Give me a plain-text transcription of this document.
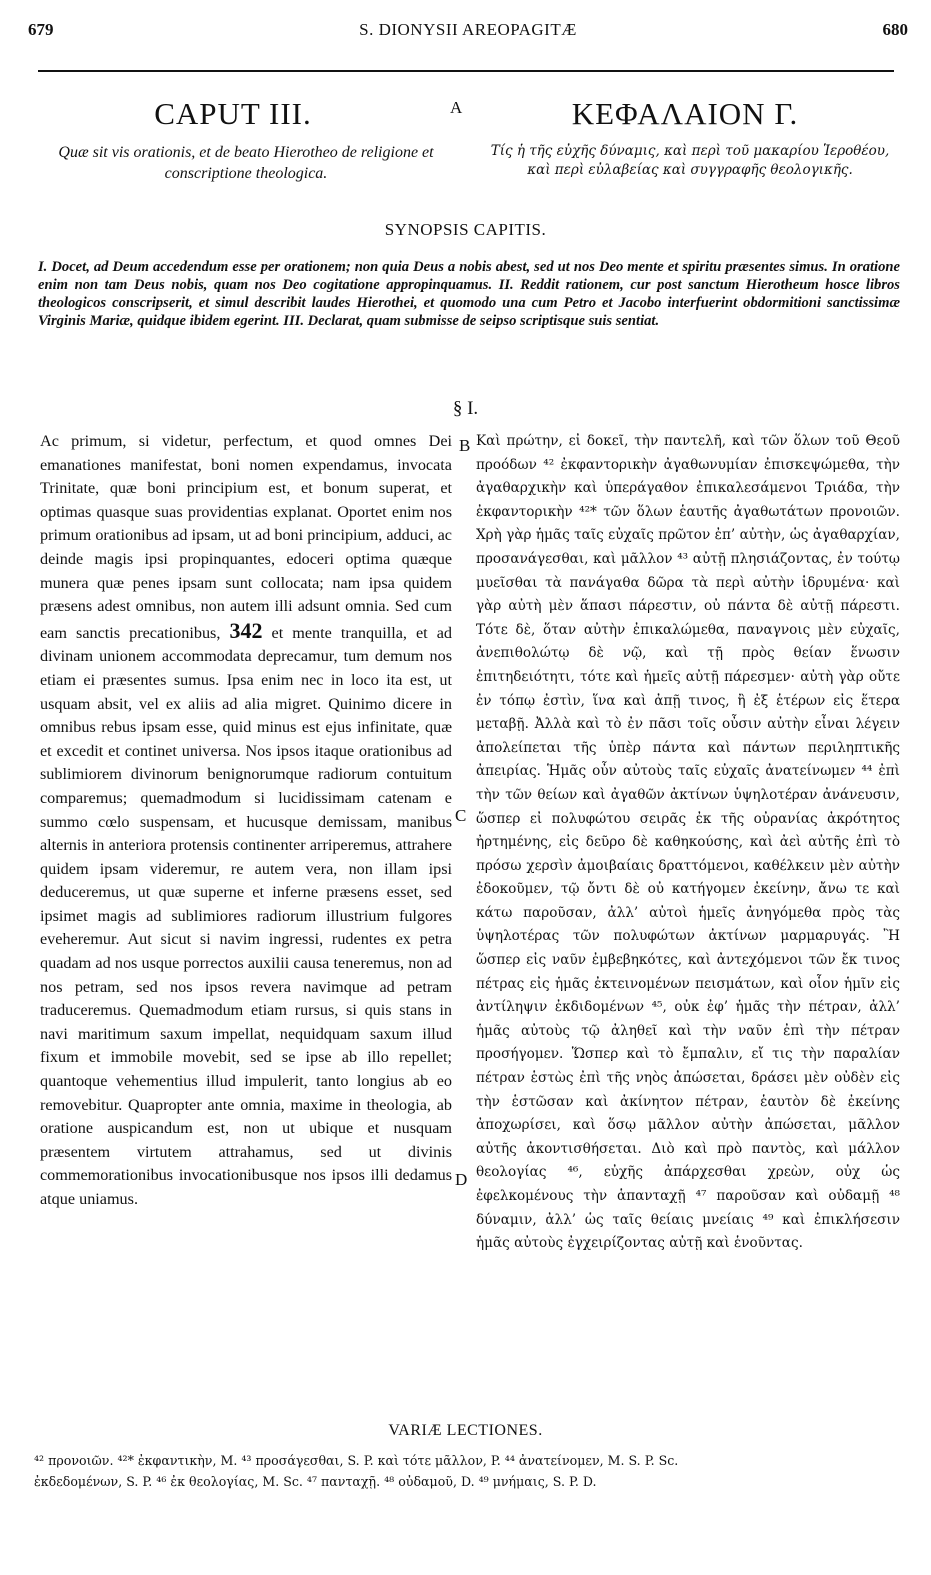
679	S. DIONYSII AREOPAGITÆ	680
CAPUT III.	A	ΚΕΦΑΛΑΙΟΝ Γ.
Quæ sit vis orationis, et de beato Hierotheo de religione et conscriptione theologica.
Τίς ἡ τῆς εὐχῆς δύναμις, καὶ περὶ τοῦ μακαρίου Ἱεροθέου, καὶ περὶ εὐλαβείας καὶ συγγραφῆς θεολογικῆς.
SYNOPSIS CAPITIS.
I. Docet, ad Deum accedendum esse per orationem; non quia Deus a nobis abest, sed ut nos Deo mente et spiritu præsentes simus. In oratione enim non tam Deus nobis, quam nos Deo cogitatione appropinquamus. II. Reddit rationem, cur post sanctum Hierotheum hosce libros theologicos conscripserit, et simul describit laudes Hierothei, et quomodo una cum Petro et Jacobo interfuerint obdormitioni sanctissimæ Virginis Mariæ, quidque ibidem egerint. III. Declarat, quam submisse de seipso scriptisque suis sentiat.
§ I.
Ac primum, si videtur, perfectum, et quod omnes Dei emanationes manifestat, boni nomen expendamus, invocata Trinitate, quæ boni principium est, et bonum superat, et optimas quasque suas providentias explanat. Oportet enim nos primum orationibus ad ipsam, ut ad boni principium, adduci, ac deinde magis ipsi propinquantes, edoceri optima quæque munera quæ penes ipsam sunt collocata; nam ipsa quidem præsens adest omnibus, non autem illi adsunt omnia. Sed cum eam sanctis precationibus, 342 et mente tranquilla, et ad divinam unionem accommodata deprecamur, tum demum nos etiam ei præsentes sumus. Ipsa enim nec in loco ita est, ut usquam absit, vel ex aliis ad alia migret. Quinimo dicere in omnibus rebus ipsam esse, quid minus est ejus infinitate, quæ et excedit et continet universa. Nos ipsos itaque orationibus ad sublimiorem divinorum benignorumque radiorum contuitum comparemus; quemadmodum si lucidissimam catenam e summo cœlo suspensam, et hucusque demissam, manibus alternis in anteriora protensis continenter arriperemus, attrahere quidem ipsam videremur, re autem vera, non illam ipsi deduceremus, ut quæ superne et inferne præsens esset, sed ipsimet magis ad sublimiores radiorum illustrium fulgores eveheremur. Aut sicut si navim ingressi, rudentes ex petra quadam ad nos usque porrectos auxilii causa teneremus, non ad nos petram, sed nos ipsos revera navimque ad petram traduceremus. Quemadmodum etiam rursus, si quis stans in navi maritimum saxum impellat, nequidquam saxum illud fixum et immobile movebit, sed se ipse ab illo repellet; quantoque vehementius illud impulerit, tanto longius ab eo removebitur. Quapropter ante omnia, maxime in theologia, ab oratione auspicandum est, non ut ubique et nusquam præsentem virtutem attrahamus, sed ut divinis commemorationibus invocationibusque nos ipsos illi dedamus atque uniamus.
B
C
D
Καὶ πρώτην, εἰ δοκεῖ, τὴν παντελῆ, καὶ τῶν ὅλων τοῦ Θεοῦ προόδων ⁴² ἐκφαντορικὴν ἀγαθωνυμίαν ἐπισκεψώμεθα, τὴν ἀγαθαρχικὴν καὶ ὑπεράγαθον ἐπικαλεσάμενοι Τριάδα, τὴν ἐκφαντορικὴν ⁴²* τῶν ὅλων ἑαυτῆς ἀγαθωτάτων προνοιῶν. Χρὴ γὰρ ἡμᾶς ταῖς εὐχαῖς πρῶτον ἐπ’ αὐτὴν, ὡς ἀγαθαρχίαν, προσανάγεσθαι, καὶ μᾶλλον ⁴³ αὐτῇ πλησιάζοντας, ἐν τούτῳ μυεῖσθαι τὰ πανάγαθα δῶρα τὰ περὶ αὐτὴν ἱδρυμένα· καὶ γὰρ αὐτὴ μὲν ἅπασι πάρεστιν, οὐ πάντα δὲ αὐτῇ πάρεστι. Τότε δὲ, ὅταν αὐτὴν ἐπικαλώμεθα, παναγνοις μὲν εὐχαῖς, ἀνεπιθολώτῳ δὲ νῷ, καὶ τῇ πρὸς θείαν ἕνωσιν ἐπιτηδειότητι, τότε καὶ ἡμεῖς αὐτῇ πάρεσμεν· αὐτὴ γὰρ οὔτε ἐν τόπῳ ἐστὶν, ἵνα καὶ ἀπῇ τινος, ἢ ἐξ ἑτέρων εἰς ἕτερα μεταβῇ. Ἀλλὰ καὶ τὸ ἐν πᾶσι τοῖς οὖσιν αὐτὴν εἶναι λέγειν ἀπολείπεται τῆς ὑπὲρ πάντα καὶ πάντων περιληπτικῆς ἀπειρίας. Ἡμᾶς οὖν αὐτοὺς ταῖς εὐχαῖς ἀνατείνωμεν ⁴⁴ ἐπὶ τὴν τῶν θείων καὶ ἀγαθῶν ἀκτίνων ὑψηλοτέραν ἀνάνευσιν, ὥσπερ εἰ πολυφώτου σειρᾶς ἐκ τῆς οὐρανίας ἀκρότητος ἠρτημένης, εἰς δεῦρο δὲ καθηκούσης, καὶ ἀεὶ αὐτῆς ἐπὶ τὸ πρόσω χερσὶν ἀμοιβαίαις δραττόμενοι, καθέλκειν μὲν αὐτὴν ἐδοκοῦμεν, τῷ ὄντι δὲ οὐ κατήγομεν ἐκείνην, ἄνω τε καὶ κάτω παροῦσαν, ἀλλ’ αὐτοὶ ἡμεῖς ἀνηγόμεθα πρὸς τὰς ὑψηλοτέρας τῶν πολυφώτων ἀκτίνων μαρμαρυγάς. Ἢ ὥσπερ εἰς ναῦν ἐμβεβηκότες, καὶ ἀντεχόμενοι τῶν ἔκ τινος πέτρας εἰς ἡμᾶς ἐκτεινομένων πεισμάτων, καὶ οἷον ἡμῖν εἰς ἀντίληψιν ἐκδιδομένων ⁴⁵, οὐκ ἐφ’ ἡμᾶς τὴν πέτραν, ἀλλ’ ἡμᾶς αὐτοὺς τῷ ἀληθεῖ καὶ τὴν ναῦν ἐπὶ τὴν πέτραν προσήγομεν. Ὥσπερ καὶ τὸ ἔμπαλιν, εἴ τις τὴν παραλίαν πέτραν ἑστὼς ἐπὶ τῆς νηὸς ἀπώσεται, δράσει μὲν οὐδὲν εἰς τὴν ἑστῶσαν καὶ ἀκίνητον πέτραν, ἑαυτὸν δὲ ἐκείνης ἀποχωρίσει, καὶ ὅσῳ μᾶλλον αὐτὴν ἀπώσεται, μᾶλλον αὐτῆς ἀκοντισθήσεται. Διὸ καὶ πρὸ παντὸς, καὶ μάλλον θεολογίας ⁴⁶, εὐχῆς ἀπάρχεσθαι χρεὼν, οὐχ ὡς ἐφελκομένους τὴν ἁπανταχῇ ⁴⁷ παροῦσαν καὶ οὐδαμῇ ⁴⁸ δύναμιν, ἀλλ’ ὡς ταῖς θείαις μνείαις ⁴⁹ καὶ ἐπικλήσεσιν ἡμᾶς αὐτοὺς ἐγχειρίζοντας αὐτῇ καὶ ἑνοῦντας.
VARIÆ LECTIONES.
⁴² προνοιῶν. ⁴²* ἐκφαντικὴν, M. ⁴³ προσάγεσθαι, S. P. καὶ τότε μᾶλλον, P. ⁴⁴ ἀνατείνομεν, M. S. P. Sc.
ἐκδεδομένων, S. P. ⁴⁶ ἐκ θεολογίας, M. Sc. ⁴⁷ πανταχῇ. ⁴⁸ οὐδαμοῦ, D. ⁴⁹ μνήμαις, S. P. D.
